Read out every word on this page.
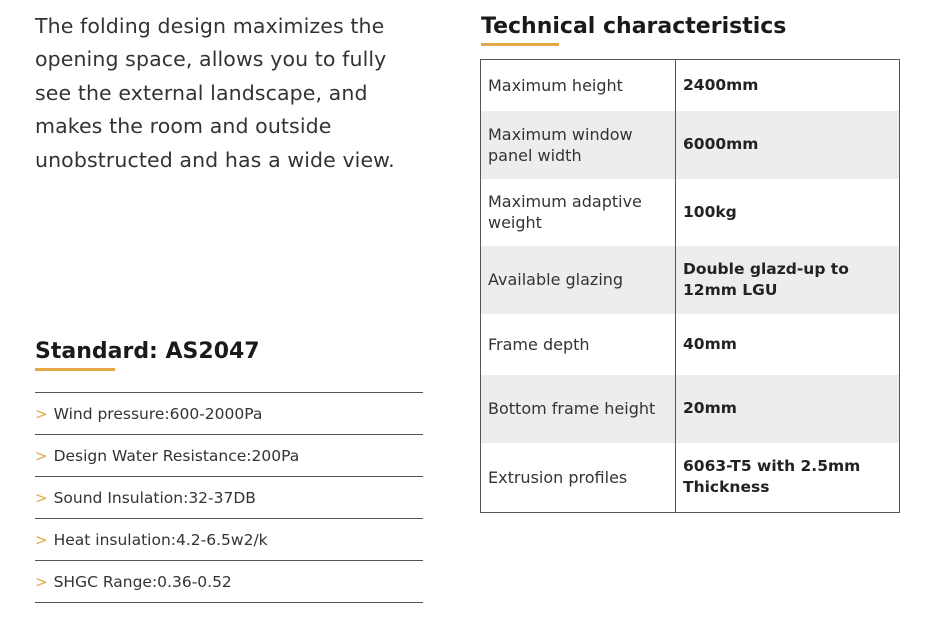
The folding design maximizes the opening space, allows you to fully see the external landscape, and makes the room and outside unobstructed and has a wide view.

Standard: AS2047
> Wind pressure:600-2000Pa
> Design Water Resistance:200Pa
> Sound Insulation:32-37DB
> Heat insulation:4.2-6.5w2/k
> SHGC Range:0.36-0.52
Technical characteristics
Maximum height	2400mm
Maximum window panel width	6000mm
Maximum adaptive weight	100kg
Available glazing	Double glazd-up to 12mm LGU
Frame depth	40mm
Bottom frame height	20mm
Extrusion profiles	6063-T5 with 2.5mm Thickness
